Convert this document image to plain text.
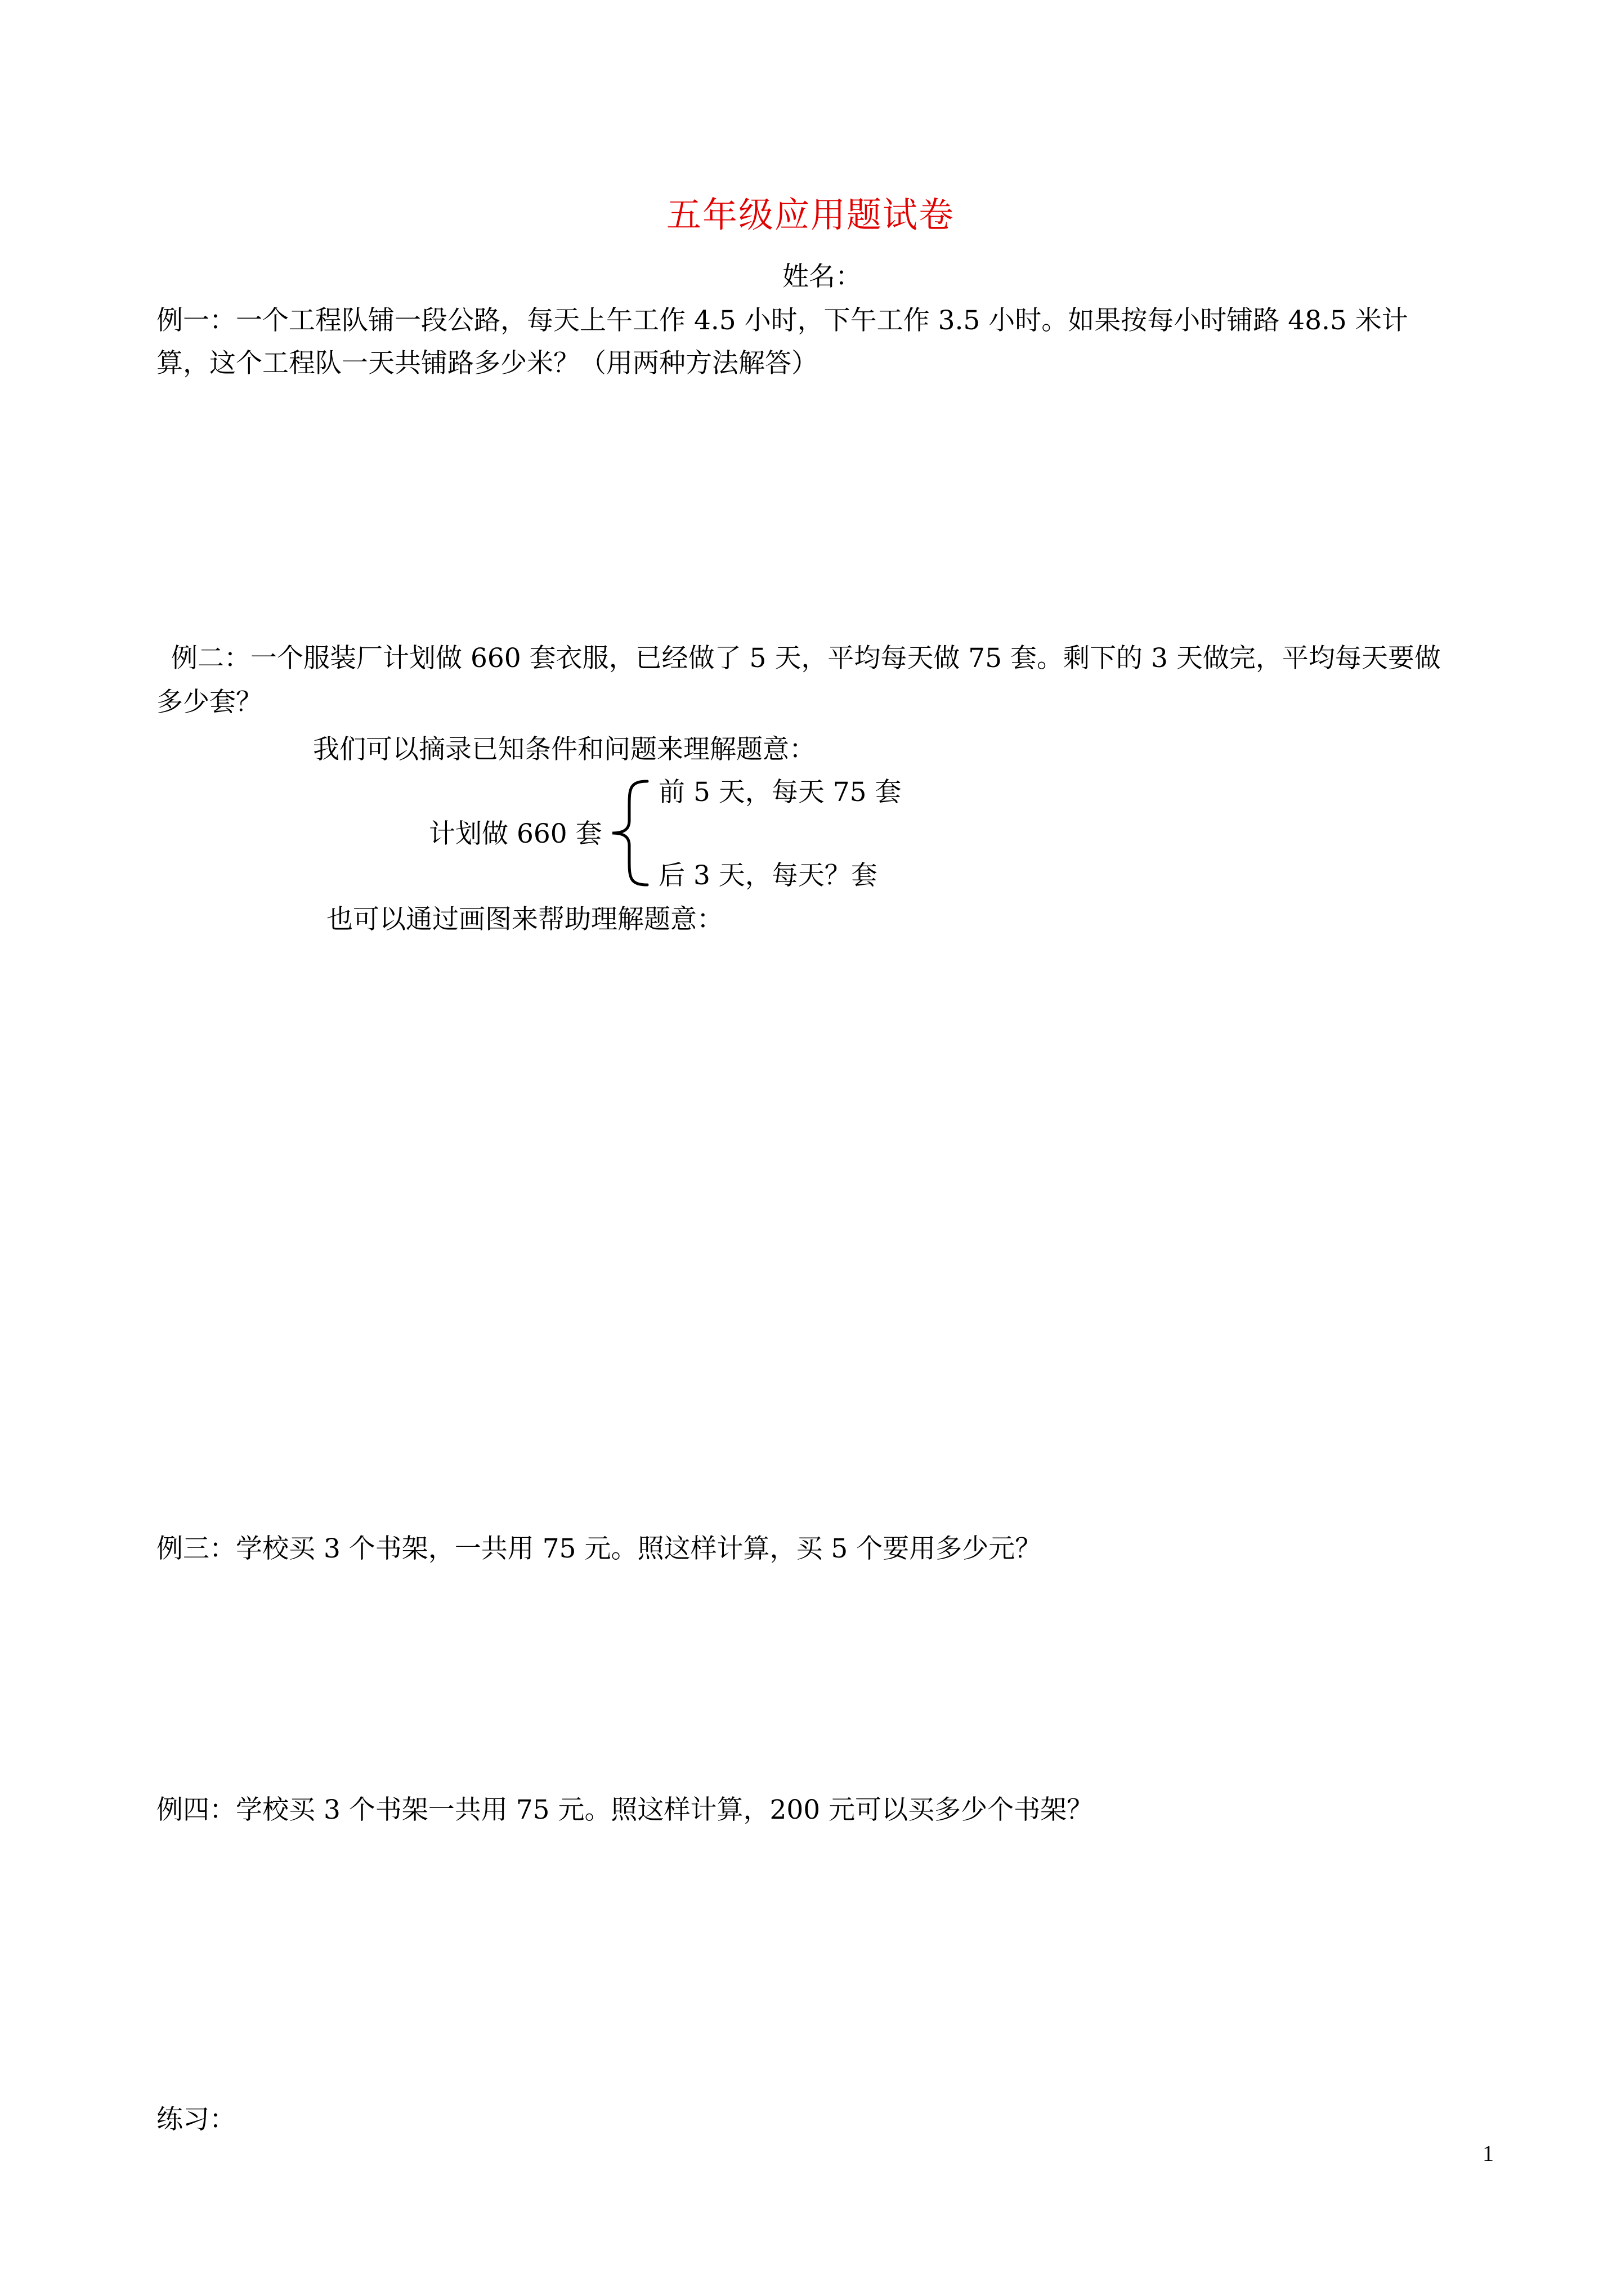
五年级应用题试卷
姓名：
例一：一个工程队铺一段公路，每天上午工作 4.5 小时，下午工作 3.5 小时。如果按每小时铺路 48.5 米计
算，这个工程队一天共铺路多少米？（用两种方法解答）
例二：一个服装厂计划做 660 套衣服，已经做了 5 天，平均每天做 75 套。剩下的 3 天做完，平均每天要做
多少套？
我们可以摘录已知条件和问题来理解题意：
计划做 660 套
前 5 天，每天 75 套
后 3 天，每天？套
也可以通过画图来帮助理解题意：
例三：学校买 3 个书架，一共用 75 元。照这样计算，买 5 个要用多少元？
例四：学校买 3 个书架一共用 75 元。照这样计算，200 元可以买多少个书架？
练习：
1
